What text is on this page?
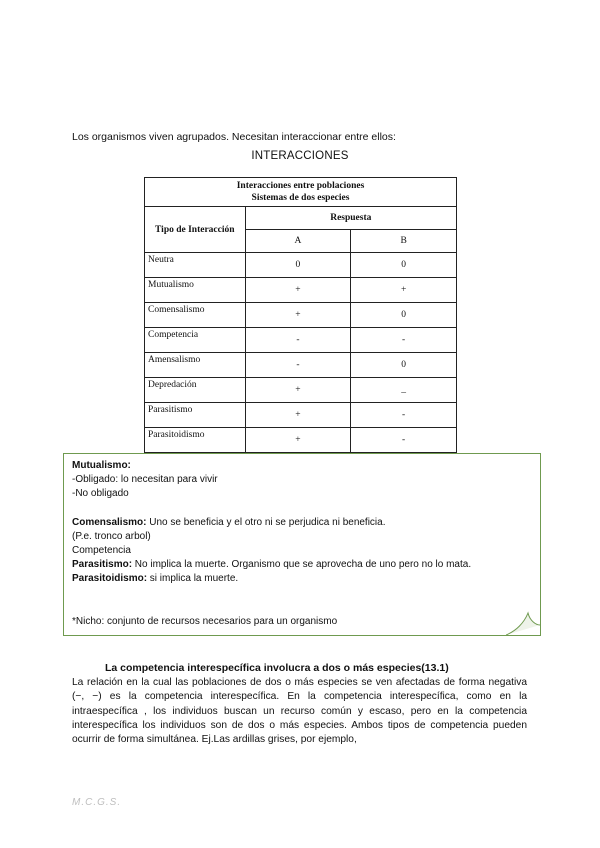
Los organismos viven agrupados. Necesitan interaccionar entre ellos:
INTERACCIONES
Interacciones entre poblaciones
Sistemas de dos especies		

Tipo de Interacción	Respuesta	
	A	B
Neutra	0	0
Mutualismo	+	+
Comensalismo	+	0
Competencia	-	-
Amensalismo	-	0
Depredación	+	_
Parasitismo	+	-
Parasitoidismo	+	-

Mutualismo:

-Obligado: lo necesitan para vivir

-No obligado

Comensalismo: Uno se beneficia y el otro ni se perjudica ni beneficia.

(P.e. tronco arbol)

Competencia

Parasitismo: No implica la muerte. Organismo que se aprovecha de uno pero no lo mata.

Parasitoidismo: si implica la muerte.

*Nicho: conjunto de recursos necesarios para un organismo

La competencia interespecífica involucra a dos o más especies(13.1)
La relación en la cual las poblaciones de dos o más especies se ven afectadas de forma negativa (−, −) es la competencia interespecífica. En la competencia interespecífica, como en la intraespecífica , los individuos buscan un recurso común y escaso, pero en la competencia interespecífica los individuos son de dos o más especies. Ambos tipos de competencia pueden ocurrir de forma simultánea. Ej.Las ardillas grises, por ejemplo,
M.C.G.S.
